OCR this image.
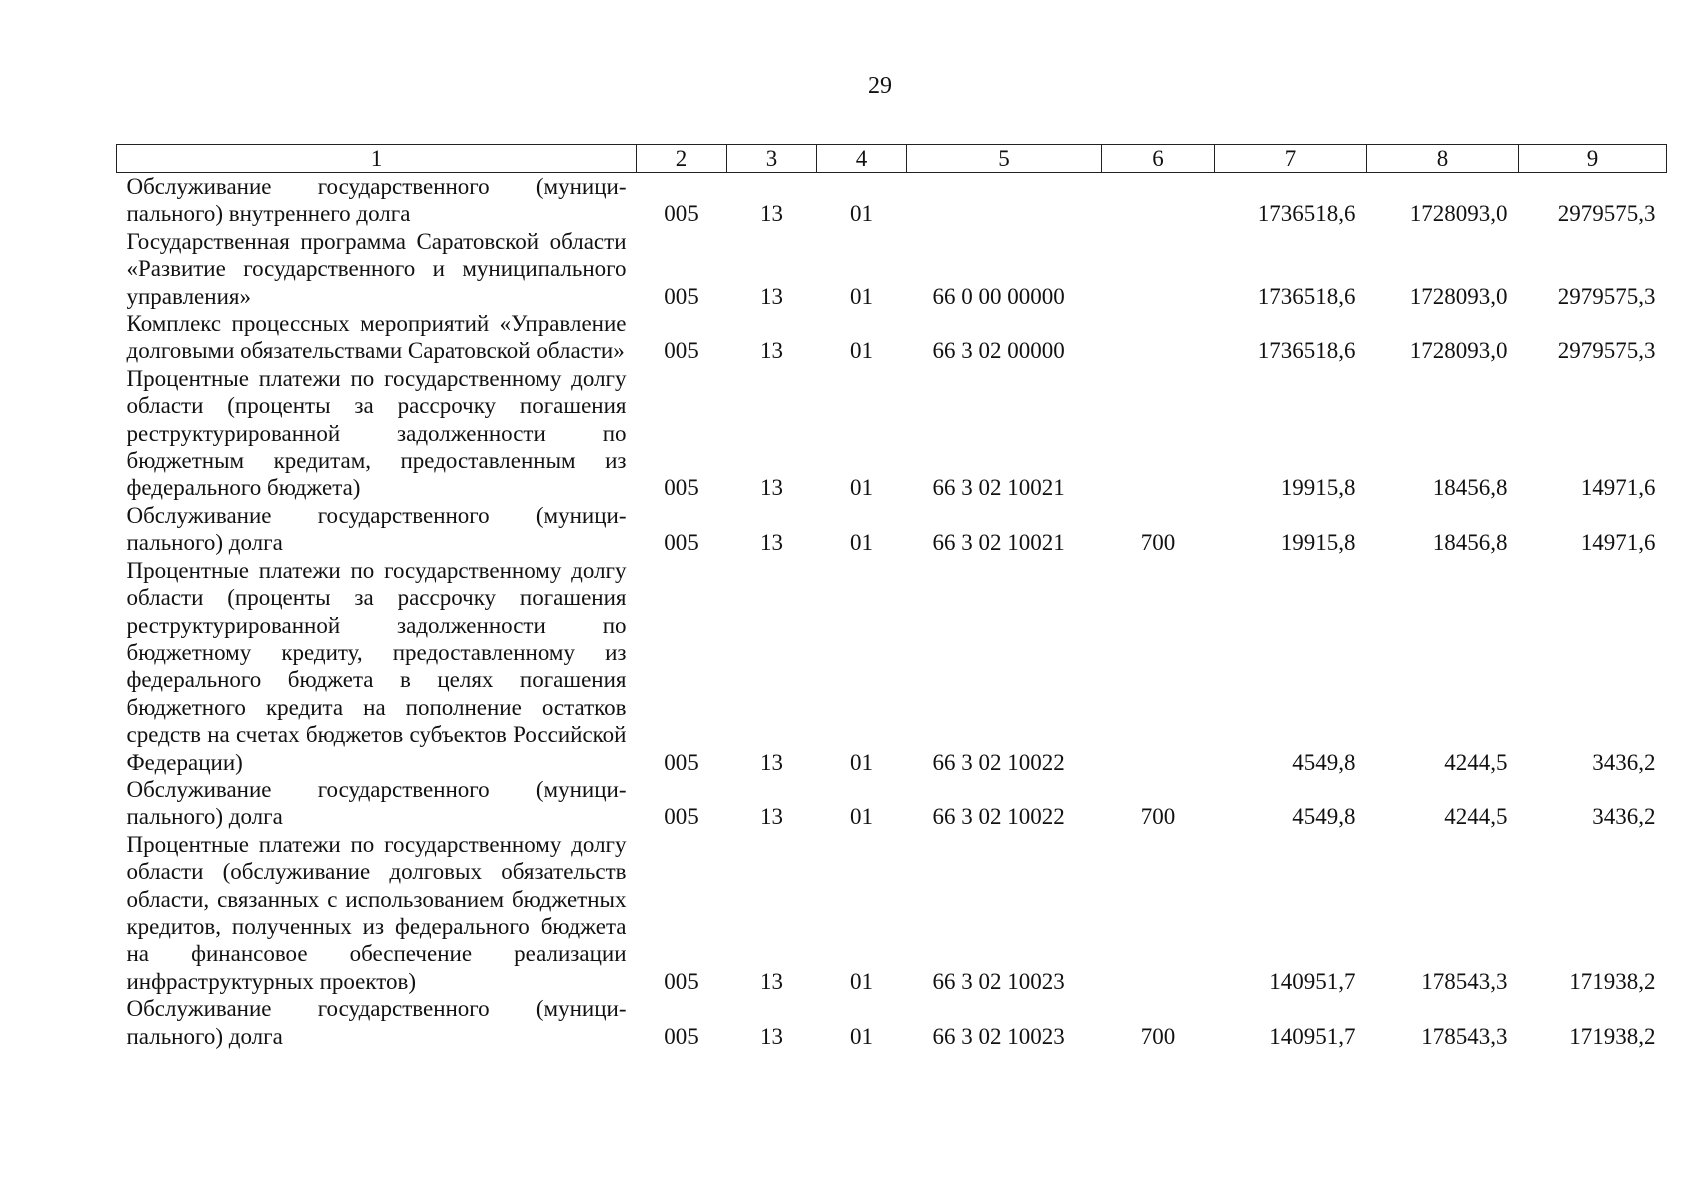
29
1	2	3	4	5	6	7	8	9
Обслуживание государственного (муниципального) внутреннего долга	005	13	01			1736518,6	1728093,0	2979575,3
Государственная программа Саратовской области «Развитие государственного и муниципального управления»	005	13	01	66 0 00 00000		1736518,6	1728093,0	2979575,3
Комплекс процессных мероприятий «Управление долговыми обязательствами Саратовской области»	005	13	01	66 3 02 00000		1736518,6	1728093,0	2979575,3
Процентные платежи по государственному долгу области (проценты за рассрочку погашения реструктурированной задолженности по бюджетным кредитам, предоставленным из федерального бюджета)	005	13	01	66 3 02 10021		19915,8	18456,8	14971,6
Обслуживание государственного (муниципального) долга	005	13	01	66 3 02 10021	700	19915,8	18456,8	14971,6
Процентные платежи по государственному долгу области (проценты за рассрочку погашения реструктурированной задолженности по бюджетному кредиту, предоставленному из федерального бюджета в целях погашения бюджетного кредита на пополнение остатков средств на счетах бюджетов субъектов Российской Федерации)	005	13	01	66 3 02 10022		4549,8	4244,5	3436,2
Обслуживание государственного (муниципального) долга	005	13	01	66 3 02 10022	700	4549,8	4244,5	3436,2
Процентные платежи по государственному долгу области (обслуживание долговых обязательств области, связанных с использованием бюджетных кредитов, полученных из федерального бюджета на финансовое обеспечение реализации инфраструктурных проектов)	005	13	01	66 3 02 10023		140951,7	178543,3	171938,2
Обслуживание государственного (муниципального) долга	005	13	01	66 3 02 10023	700	140951,7	178543,3	171938,2
